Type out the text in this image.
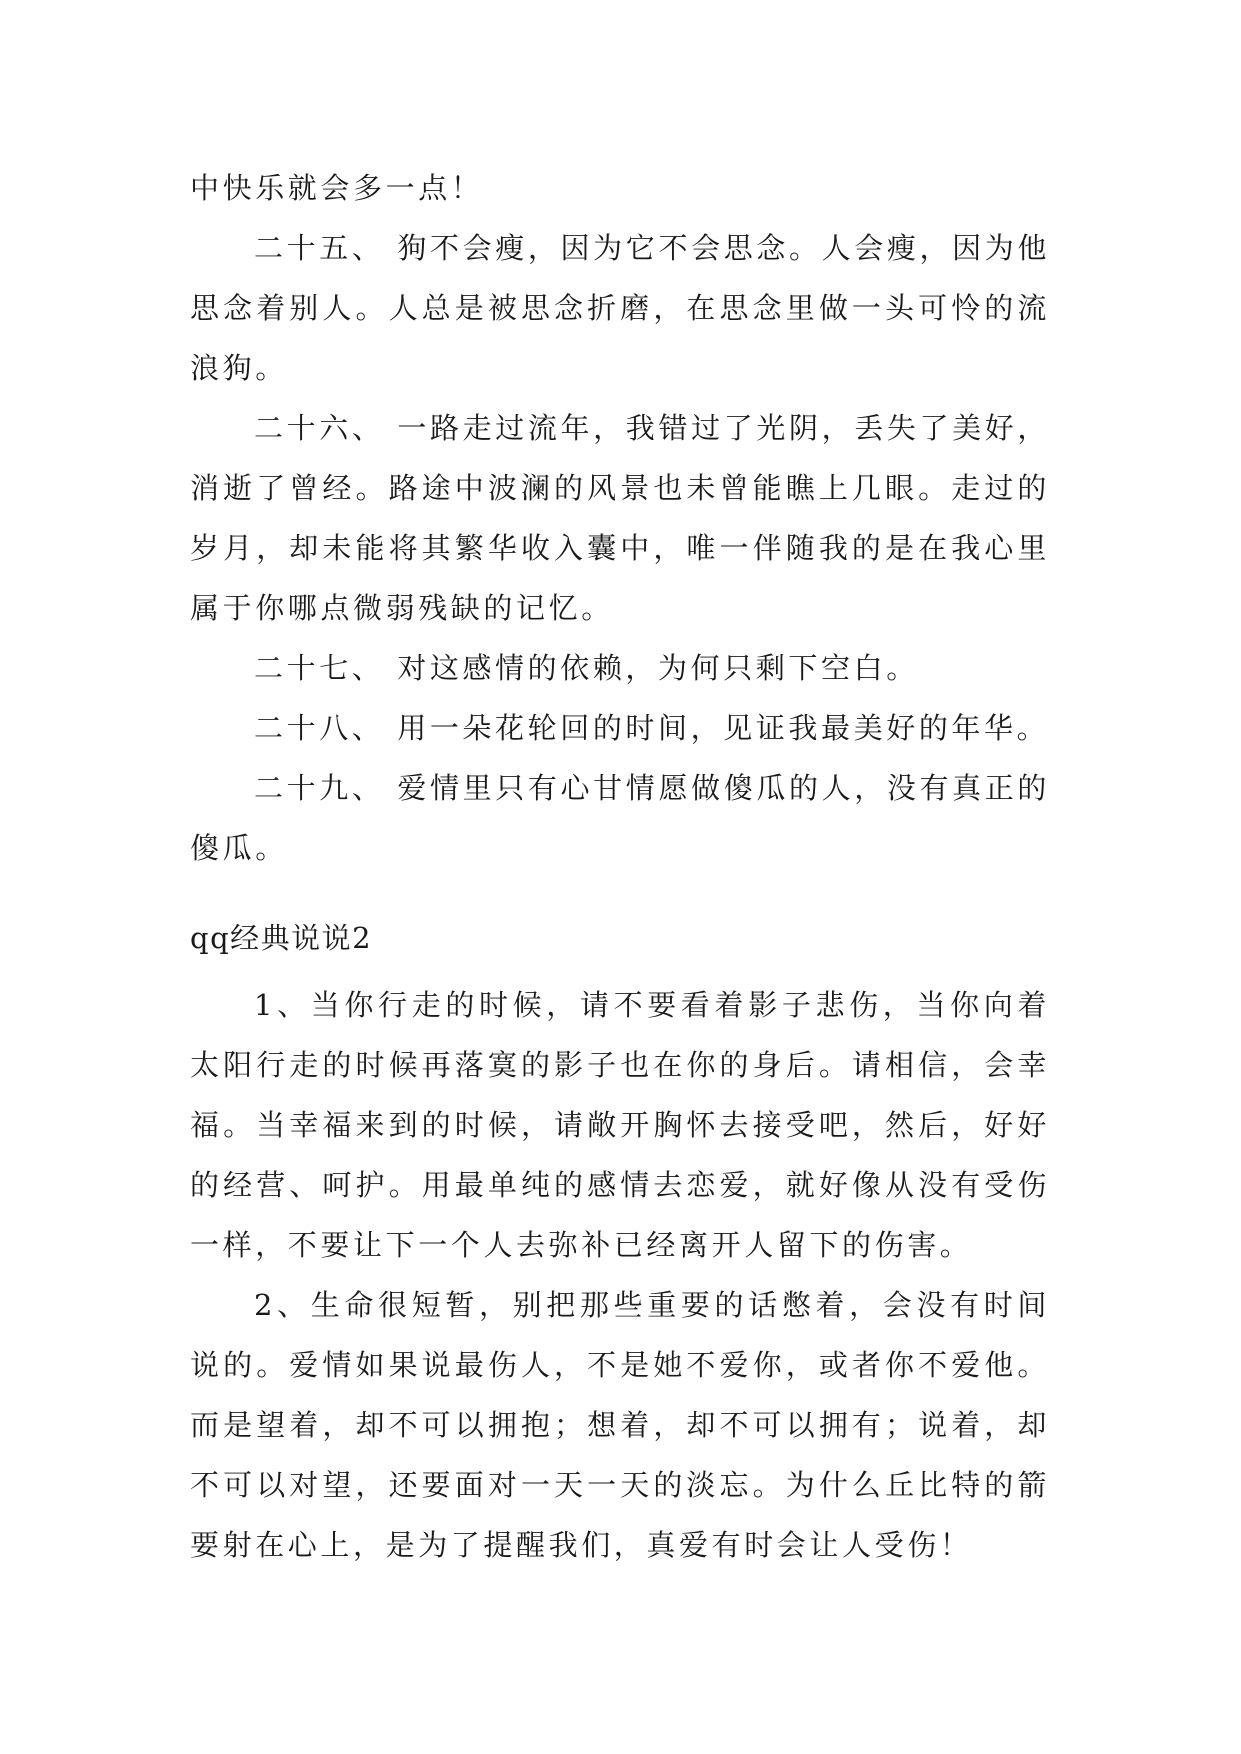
中快乐就会多一点！

二十五、 狗不会瘦，因为它不会思念。人会瘦，因为他思念着别人。人总是被思念折磨，在思念里做一头可怜的流浪狗。

二十六、 一路走过流年，我错过了光阴，丢失了美好，消逝了曾经。路途中波澜的风景也未曾能瞧上几眼。走过的岁月，却未能将其繁华收入囊中，唯一伴随我的是在我心里属于你哪点微弱残缺的记忆。

二十七、 对这感情的依赖，为何只剩下空白。

二十八、 用一朵花轮回的时间，见证我最美好的年华。

二十九、 爱情里只有心甘情愿做傻瓜的人，没有真正的傻瓜。

qq经典说说2

1、当你行走的时候，请不要看着影子悲伤，当你向着太阳行走的时候再落寞的影子也在你的身后。请相信，会幸福。当幸福来到的时候，请敞开胸怀去接受吧，然后，好好的经营、呵护。用最单纯的感情去恋爱，就好像从没有受伤一样，不要让下一个人去弥补已经离开人留下的伤害。

2、生命很短暂，别把那些重要的话憋着，会没有时间说的。爱情如果说最伤人，不是她不爱你，或者你不爱他。而是望着，却不可以拥抱；想着，却不可以拥有；说着，却不可以对望，还要面对一天一天的淡忘。为什么丘比特的箭要射在心上，是为了提醒我们，真爱有时会让人受伤！
